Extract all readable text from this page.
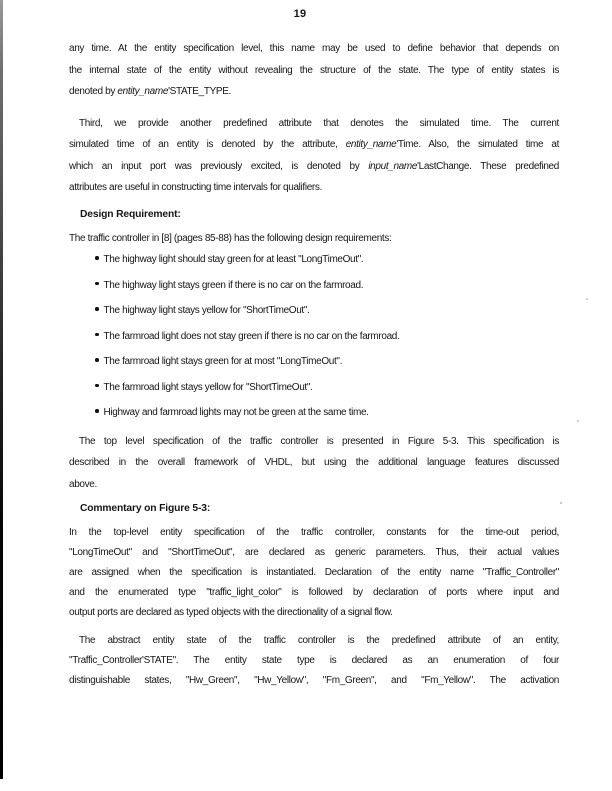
19
any time. At the entity specification level, this name may be used to define behavior that depends on
the internal state of the entity without revealing the structure of the state. The type of entity states is
denoted by entity_name'STATE_TYPE.
Third, we provide another predefined attribute that denotes the simulated time. The current
simulated time of an entity is denoted by the attribute, entity_name'Time. Also, the simulated time at
which an input port was previously excited, is denoted by input_name'LastChange. These predefined
attributes are useful in constructing time intervals for qualifiers.
Design Requirement:
The traffic controller in [8] (pages 85-88) has the following design requirements:
The highway light should stay green for at least "LongTimeOut".
The highway light stays green if there is no car on the farmroad.
The highway light stays yellow for "ShortTimeOut".
The farmroad light does not stay green if there is no car on the farmroad.
The farmroad light stays green for at most "LongTimeOut".
The farmroad light stays yellow for "ShortTimeOut".
Highway and farmroad lights may not be green at the same time.
The top level specification of the traffic controller is presented in Figure 5-3. This specification is
described in the overall framework of VHDL, but using the additional language features discussed
above.
Commentary on Figure 5-3:
In the top-level entity specification of the traffic controller, constants for the time-out period,
"LongTimeOut" and "ShortTimeOut", are declared as generic parameters. Thus, their actual values
are assigned when the specification is instantiated. Declaration of the entity name "Traffic_Controller"
and the enumerated type "traffic_light_color" is followed by declaration of ports where input and
output ports are declared as typed objects with the directionality of a signal flow.
The abstract entity state of the traffic controller is the predefined attribute of an entity,
"Traffic_Controller'STATE". The entity state type is declared as an enumeration of four
distinguishable states, "Hw_Green", "Hw_Yellow", "Fm_Green", and "Fm_Yellow". The activation
